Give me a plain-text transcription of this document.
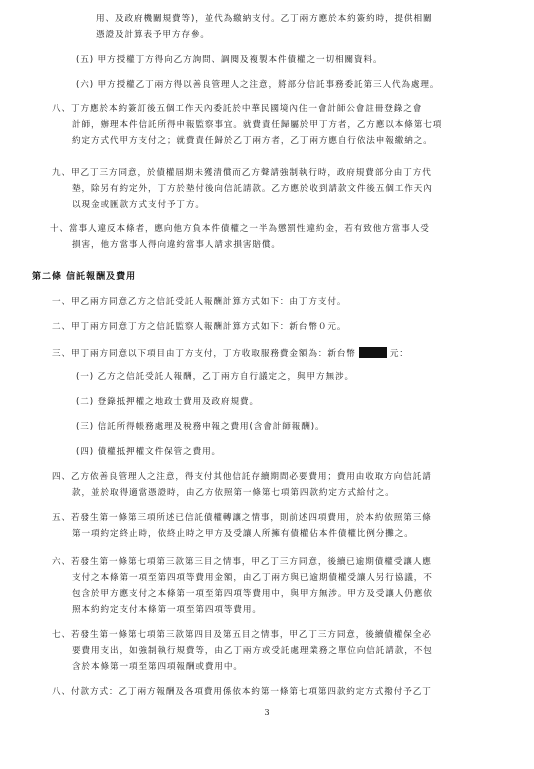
用、及政府機關規費等)，並代為繳納支付。乙丁兩方應於本約簽約時，提供相關
憑證及計算表予甲方存參。
(五) 甲方授權丁方得向乙方詢問、調閱及複製本件債權之一切相關資料。
(六) 甲方授權乙丁兩方得以善良管理人之注意，將部分信託事務委託第三人代為處理。
八、丁方應於本約簽訂後五個工作天內委託於中華民國境內住一會計師公會註冊登錄之會
計師，辦理本件信託所得申報監察事宜。就費責任歸屬於甲丁方者，乙方應以本條第七項
約定方式代甲方支付之；就費責任歸於乙丁兩方者，乙丁兩方應自行依法申報繳納之。
九、甲乙丁三方同意，於債權屆期未獲清償而乙方聲請強制執行時，政府規費部分由丁方代
墊，除另有約定外，丁方於墊付後向信託請款。乙方應於收到請款文件後五個工作天內
以現金或匯款方式支付予丁方。
十、當事人違反本條者，應向他方負本件債權之一半為懲罰性違約金，若有致他方當事人受
損害，他方當事人得向違約當事人請求損害賠償。
第二條 信託報酬及費用
一、甲乙兩方同意乙方之信託受託人報酬計算方式如下：由丁方支付。
二、甲丁兩方同意丁方之信託監察人報酬計算方式如下：新台幣０元。
三、甲丁兩方同意以下項目由丁方支付，丁方收取服務費金額為：新台幣	元：
(一) 乙方之信託受託人報酬，乙丁兩方自行議定之，與甲方無涉。
(二) 登錄抵押權之地政士費用及政府規費。
(三) 信託所得帳務處理及稅務申報之費用(含會計師報酬)。
(四) 債權抵押權文件保管之費用。
四、乙方依善良管理人之注意，得支付其他信託存續期間必要費用；費用由收取方向信託請
款，並於取得適當憑證時，由乙方依照第一條第七項第四款約定方式給付之。
五、若發生第一條第三項所述已信託債權轉讓之情事，則前述四項費用，於本約依照第三條
第一項約定終止時，依終止時之甲方及受讓人所擁有債權佔本件債權比例分攤之。
六、若發生第一條第七項第三款第三目之情事，甲乙丁三方同意，後續已逾期債權受讓人應
支付之本條第一項至第四項等費用金額，由乙丁兩方與已逾期債權受讓人另行協議，不
包含於甲方應支付之本條第一項至第四項等費用中，與甲方無涉。甲方及受讓人仍應依
照本約約定支付本條第一項至第四項等費用。
七、若發生第一條第七項第三款第四目及第五目之情事，甲乙丁三方同意，後續債權保全必
要費用支出，如強制執行規費等，由乙丁兩方或受託處理業務之單位向信託請款，不包
含於本條第一項至第四項報酬或費用中。
八、付款方式：乙丁兩方報酬及各項費用係依本約第一條第七項第四款約定方式撥付予乙丁
3
